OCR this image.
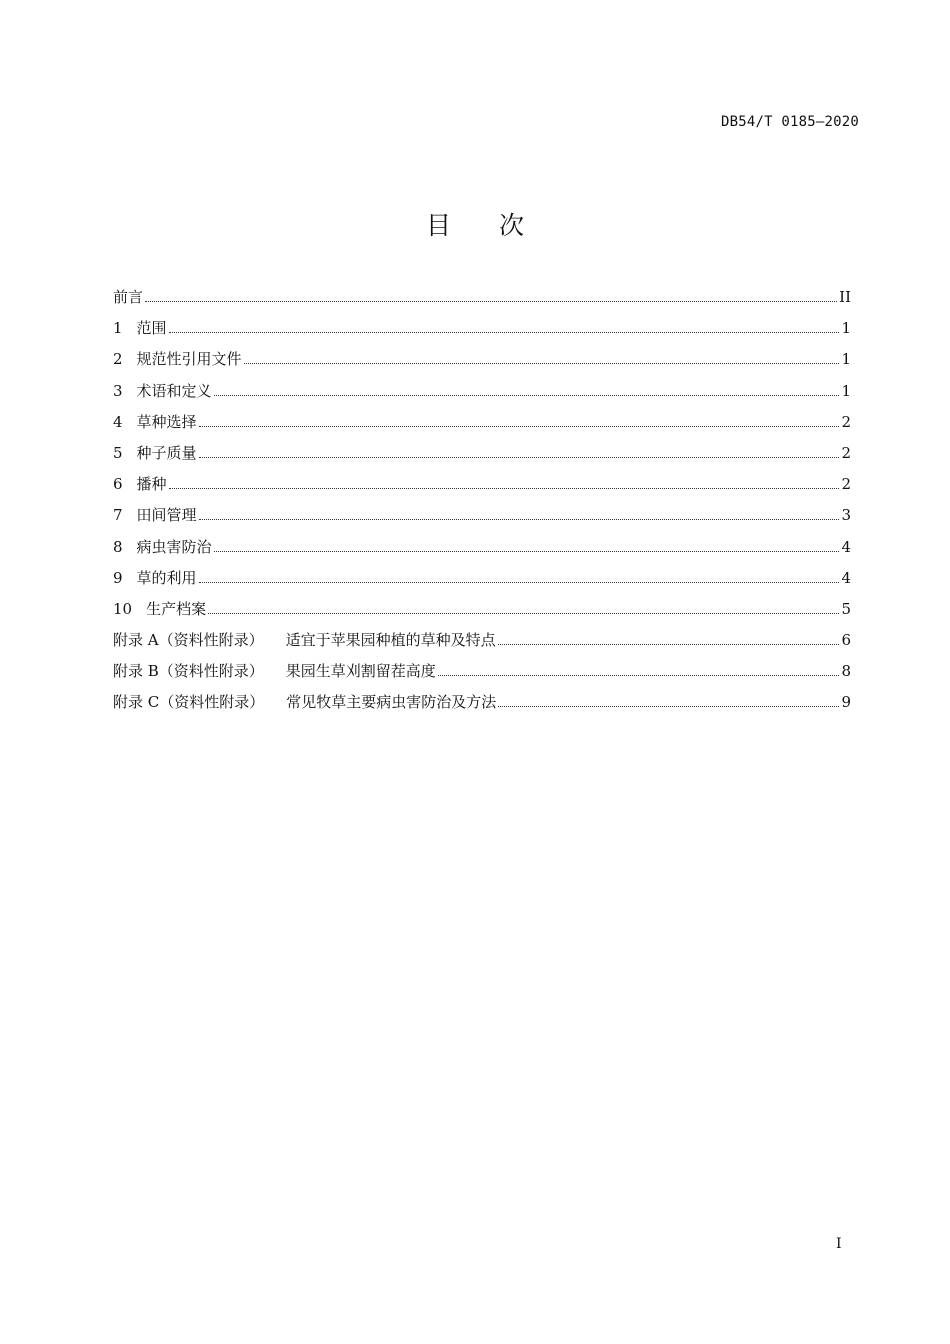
DB54/T 0185—2020
目次
前言	II
1 范围	1
2 规范性引用文件	1
3 术语和定义	1
4 草种选择	2
5 种子质量	2
6 播种	2
7 田间管理	3
8 病虫害防治	4
9 草的利用	4
10 生产档案	5
附录 A（资料性附录） 适宜于苹果园种植的草种及特点	6
附录 B（资料性附录） 果园生草刈割留茬高度	8
附录 C（资料性附录） 常见牧草主要病虫害防治及方法	9
I
